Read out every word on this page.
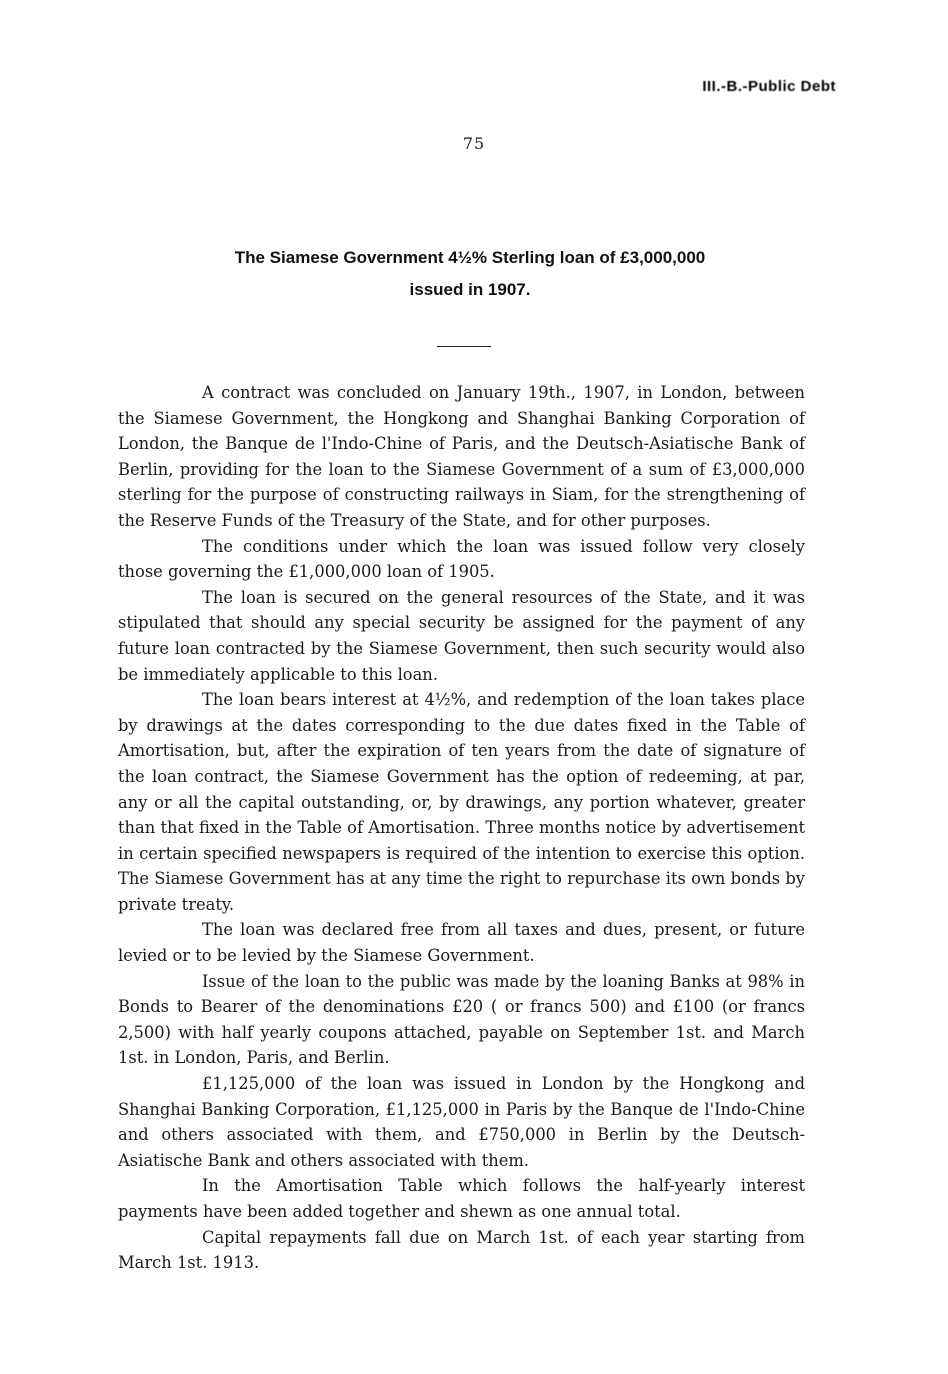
III.-B.-Public Debt
75
The Siamese Government 4½% Sterling loan of £3,000,000
issued in 1907.

A contract was concluded on January 19th., 1907, in London, between the Siamese Government, the Hongkong and Shanghai Banking Corporation of London, the Banque de l'Indo-Chine of Paris, and the Deutsch-Asiatische Bank of Berlin, providing for the loan to the Siamese Government of a sum of £3,000,000 sterling for the purpose of constructing railways in Siam, for the strengthening of the Reserve Funds of the Treasury of the State, and for other purposes.

The conditions under which the loan was issued follow very closely those governing the £1,000,000 loan of 1905.

The loan is secured on the general resources of the State, and it was stipulated that should any special security be assigned for the payment of any future loan contracted by the Siamese Government, then such security would also be immediately applicable to this loan.

The loan bears interest at 4½%, and redemption of the loan takes place by drawings at the dates corresponding to the due dates fixed in the Table of Amortisation, but, after the expiration of ten years from the date of signature of the loan contract, the Siamese Government has the option of redeeming, at par, any or all the capital outstanding, or, by drawings, any portion whatever, greater than that fixed in the Table of Amortisation. Three months notice by advertisement in certain specified newspapers is required of the intention to exercise this option. The Siamese Government has at any time the right to repurchase its own bonds by private treaty.

The loan was declared free from all taxes and dues, present, or future levied or to be levied by the Siamese Government.

Issue of the loan to the public was made by the loaning Banks at 98% in Bonds to Bearer of the denominations £20 ( or francs 500) and £100 (or francs 2,500) with half yearly coupons attached, payable on September 1st. and March 1st. in London, Paris, and Berlin.

£1,125,000 of the loan was issued in London by the Hongkong and Shanghai Banking Corporation, £1,125,000 in Paris by the Banque de l'Indo-Chine and others associated with them, and £750,000 in Berlin by the Deutsch-Asiatische Bank and others associated with them.

In the Amortisation Table which follows the half-yearly interest payments have been added together and shewn as one annual total.

Capital repayments fall due on March 1st. of each year starting from March 1st. 1913.
